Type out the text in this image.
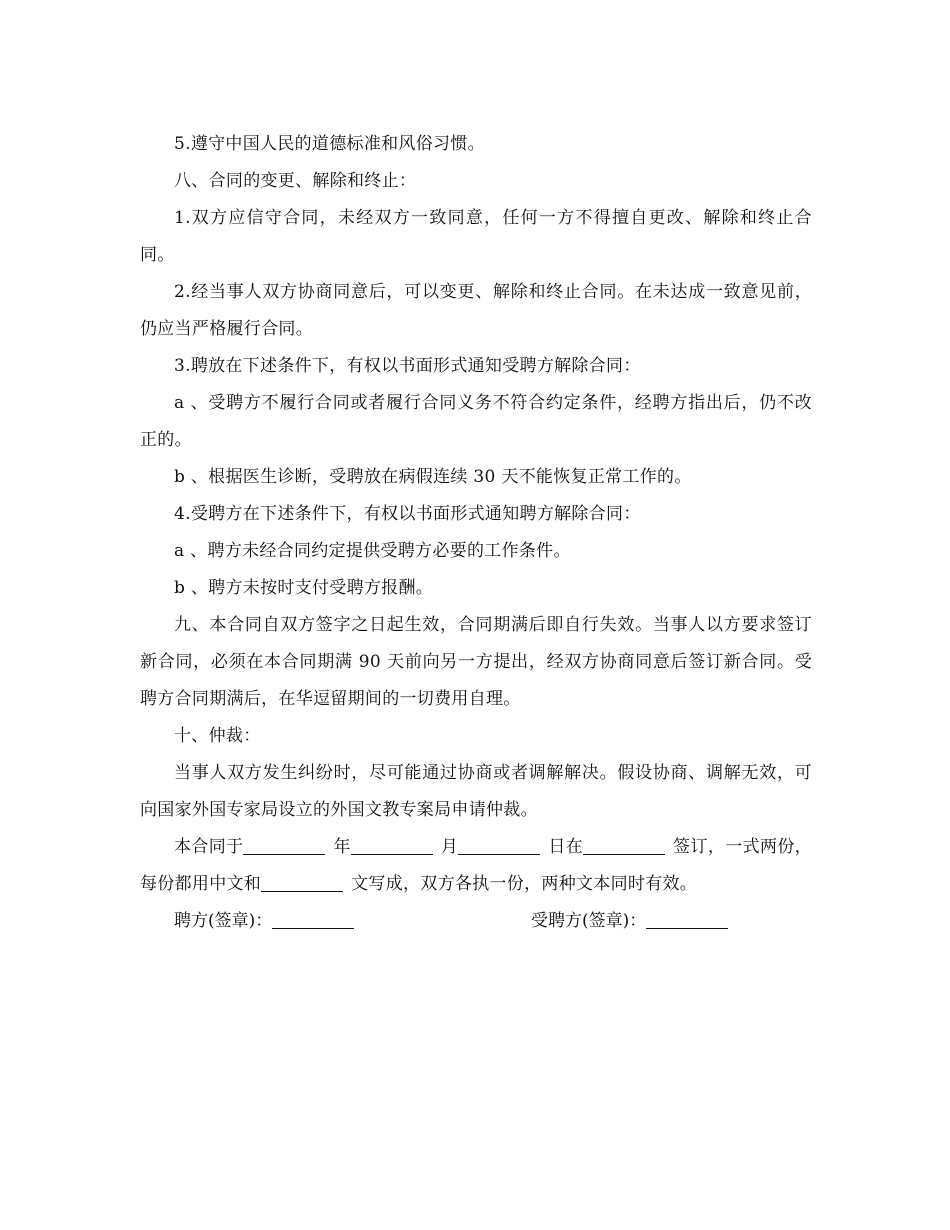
5.遵守中国人民的道德标准和风俗习惯。

八、合同的变更、解除和终止：

1.双方应信守合同，未经双方一致同意，任何一方不得擅自更改、解除和终止合同。

2.经当事人双方协商同意后，可以变更、解除和终止合同。在未达成一致意见前，仍应当严格履行合同。

3.聘放在下述条件下，有权以书面形式通知受聘方解除合同：

a 、受聘方不履行合同或者履行合同义务不符合约定条件，经聘方指出后，仍不改正的。

b 、根据医生诊断，受聘放在病假连续 30 天不能恢复正常工作的。

4.受聘方在下述条件下，有权以书面形式通知聘方解除合同：

a 、聘方未经合同约定提供受聘方必要的工作条件。

b 、聘方未按时支付受聘方报酬。

九、本合同自双方签字之日起生效，合同期满后即自行失效。当事人以方要求签订新合同，必须在本合同期满 90 天前向另一方提出，经双方协商同意后签订新合同。受聘方合同期满后，在华逗留期间的一切费用自理。

十、仲裁：

当事人双方发生纠纷时，尽可能通过协商或者调解解决。假设协商、调解无效，可向国家外国专家局设立的外国文教专案局申请仲裁。

本合同于	年	月	日在	签订，一式两份，每份都用中文和	文写成，双方各执一份，两种文本同时有效。

聘方(签章)：	受聘方(签章)：
